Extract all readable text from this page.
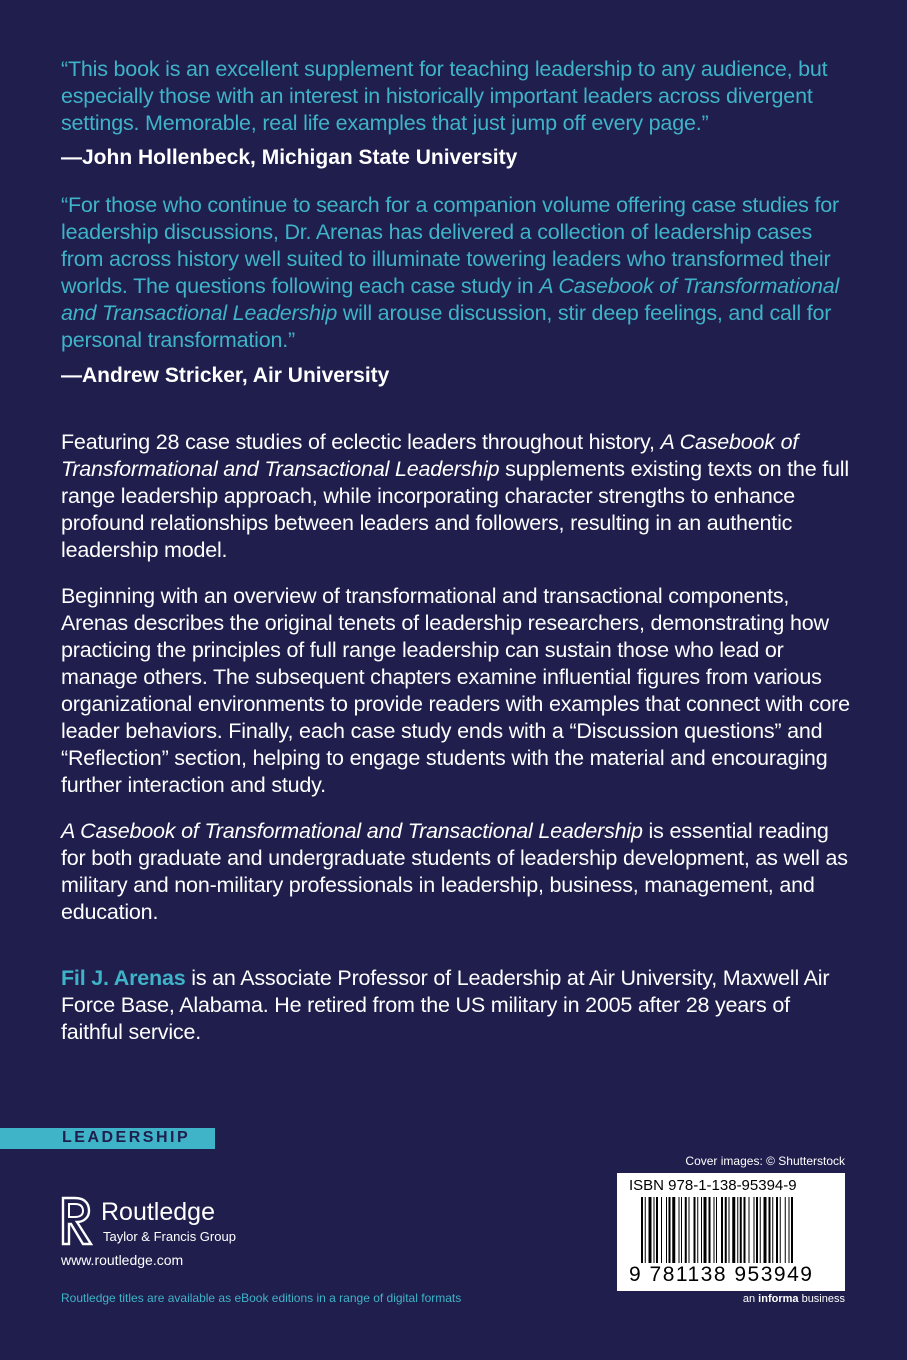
“This book is an excellent supplement for teaching leadership to any audience, but especially those with an interest in historically important leaders across divergent settings. Memorable, real life examples that just jump off every page.”
—John Hollenbeck, Michigan State University
“For those who continue to search for a companion volume offering case studies for leadership discussions, Dr. Arenas has delivered a collection of leadership cases from across history well suited to illuminate towering leaders who transformed their worlds. The questions following each case study in A Casebook of Transformational and Transactional Leadership will arouse discussion, stir deep feelings, and call for personal transformation.”
—Andrew Stricker, Air University
Featuring 28 case studies of eclectic leaders throughout history, A Casebook of Transformational and Transactional Leadership supplements existing texts on the full range leadership approach, while incorporating character strengths to enhance profound relationships between leaders and followers, resulting in an authentic leadership model.
Beginning with an overview of transformational and transactional components, Arenas describes the original tenets of leadership researchers, demonstrating how practicing the principles of full range leadership can sustain those who lead or manage others. The subsequent chapters examine influential figures from various organizational environments to provide readers with examples that connect with core leader behaviors. Finally, each case study ends with a “Discussion questions” and “Reflection” section, helping to engage students with the material and encouraging further interaction and study.
A Casebook of Transformational and Transactional Leadership is essential reading for both graduate and undergraduate students of leadership development, as well as military and non-military professionals in leadership, business, management, and education.
Fil J. Arenas is an Associate Professor of Leadership at Air University, Maxwell Air Force Base, Alabama. He retired from the US military in 2005 after 28 years of faithful service.
LEADERSHIP
Routledge
Taylor & Francis Group
www.routledge.com
Routledge titles are available as eBook editions in a range of digital formats
Cover images: © Shutterstock
ISBN 978-1-138-95394-9
9 781138 953949
an informa business
